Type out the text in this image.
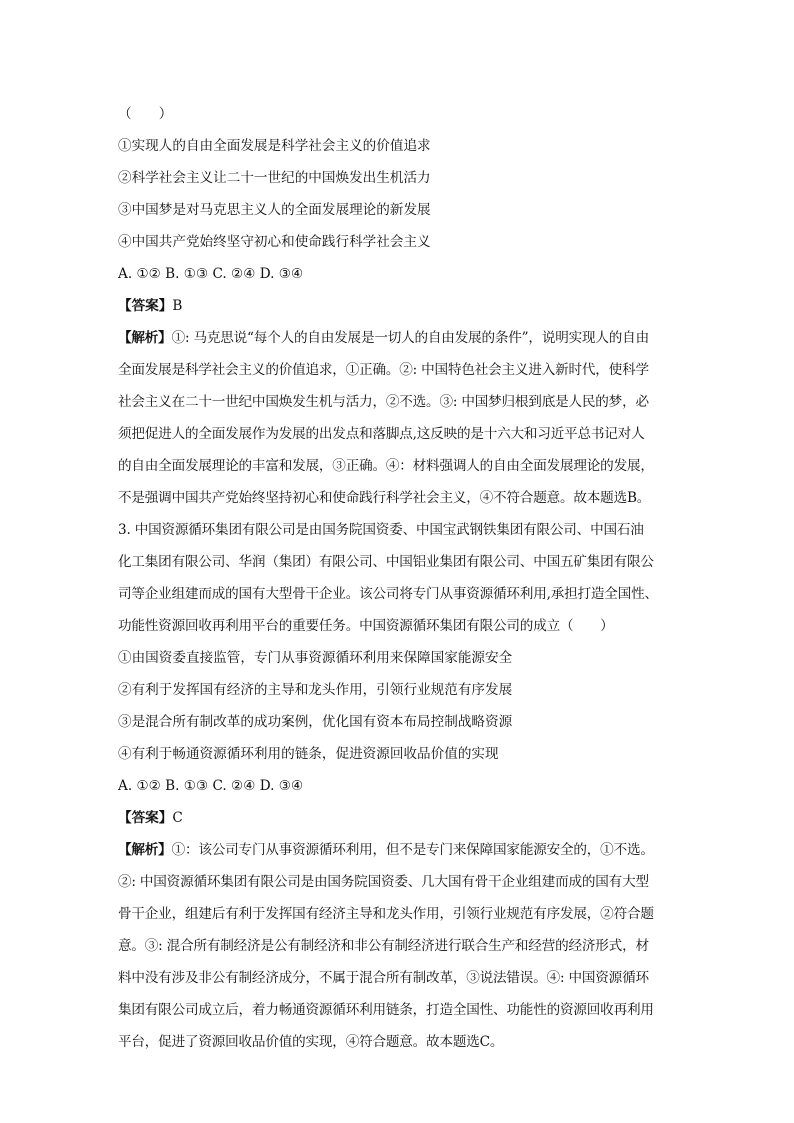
（　　）
①实现人的自由全面发展是科学社会主义的价值追求
②科学社会主义让二十一世纪的中国焕发出生机活力
③中国梦是对马克思主义人的全面发展理论的新发展
④中国共产党始终坚守初心和使命践行科学社会主义
A. ①② B. ①③ C. ②④ D. ③④
【答案】B
【解析】①: 马克思说“每个人的自由发展是一切人的自由发展的条件”，说明实现人的自由
全面发展是科学社会主义的价值追求，①正确。②: 中国特色社会主义进入新时代，使科学
社会主义在二十一世纪中国焕发生机与活力，②不选。③: 中国梦归根到底是人民的梦，必
须把促进人的全面发展作为发展的出发点和落脚点,这反映的是十六大和习近平总书记对人
的自由全面发展理论的丰富和发展，③正确。④：材料强调人的自由全面发展理论的发展，
不是强调中国共产党始终坚持初心和使命践行科学社会主义，④不符合题意。故本题选B。
3. 中国资源循环集团有限公司是由国务院国资委、中国宝武钢铁集团有限公司、中国石油
化工集团有限公司、华润（集团）有限公司、中国铝业集团有限公司、中国五矿集团有限公
司等企业组建而成的国有大型骨干企业。该公司将专门从事资源循环利用,承担打造全国性、
功能性资源回收再利用平台的重要任务。中国资源循环集团有限公司的成立（　　）
①由国资委直接监管，专门从事资源循环利用来保障国家能源安全
②有利于发挥国有经济的主导和龙头作用，引领行业规范有序发展
③是混合所有制改革的成功案例，优化国有资本布局控制战略资源
④有利于畅通资源循环利用的链条，促进资源回收品价值的实现
A. ①② B. ①③ C. ②④ D. ③④
【答案】C
【解析】①：该公司专门从事资源循环利用，但不是专门来保障国家能源安全的，①不选。
②: 中国资源循环集团有限公司是由国务院国资委、几大国有骨干企业组建而成的国有大型
骨干企业，组建后有利于发挥国有经济主导和龙头作用，引领行业规范有序发展，②符合题
意。③: 混合所有制经济是公有制经济和非公有制经济进行联合生产和经营的经济形式，材
料中没有涉及非公有制经济成分，不属于混合所有制改革，③说法错误。④: 中国资源循环
集团有限公司成立后，着力畅通资源循环利用链条，打造全国性、功能性的资源回收再利用
平台，促进了资源回收品价值的实现，④符合题意。故本题选C。
